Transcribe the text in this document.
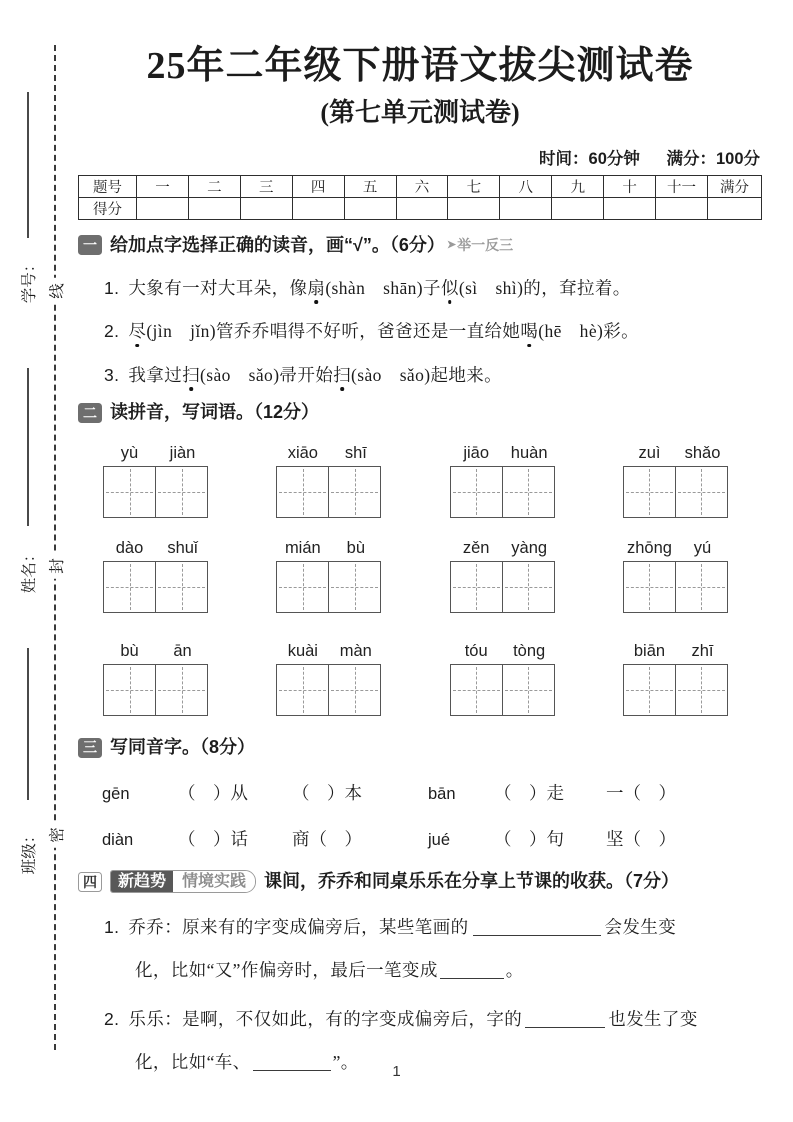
线
封
密
学号：
姓名：
班级：
25年二年级下册语文拔尖测试卷
(第七单元测试卷)
时间：60分钟 满分：100分
题号	一	二	三	四	五	六	七	八	九	十	十一	满分
得分												
一 给加点字选择正确的读音，画“√”。（6分） ➤ 举一反三
1. 大象有一对大耳朵，像扇(shàn　shān)子似(sì　shì)的，耷拉着。
2. 尽(jìn　jǐn)管乔乔唱得不好听，爸爸还是一直给她喝(hē　hè)彩。
3. 我拿过扫(sào　sǎo)帚开始扫(sào　sǎo)起地来。
二 读拼音，写词语。（12分）
yù	jiàn	xiāo	shī	jiāo	huàn	zuì	shǎo
dào	shuǐ	mián	bù	zěn	yàng	zhōng	yú
bù	ān	kuài	màn	tóu	tòng	biān	zhī
三 写同音字。（8分）
gēn	（　）从	（　）本	bān	（　）走	一（　）
diàn	（　）话	商（　）	jué	（　）句	坚（　）
四	新趋势	情境实践	课间，乔乔和同桌乐乐在分享上节课的收获。（7分）
1. 乔乔：原来有的字变成偏旁后，某些笔画的	会发生变
化，比如“又”作偏旁时，最后一笔变成	。
2. 乐乐：是啊，不仅如此，有的字变成偏旁后，字的	也发生了变
化，比如“车、	”。	1
